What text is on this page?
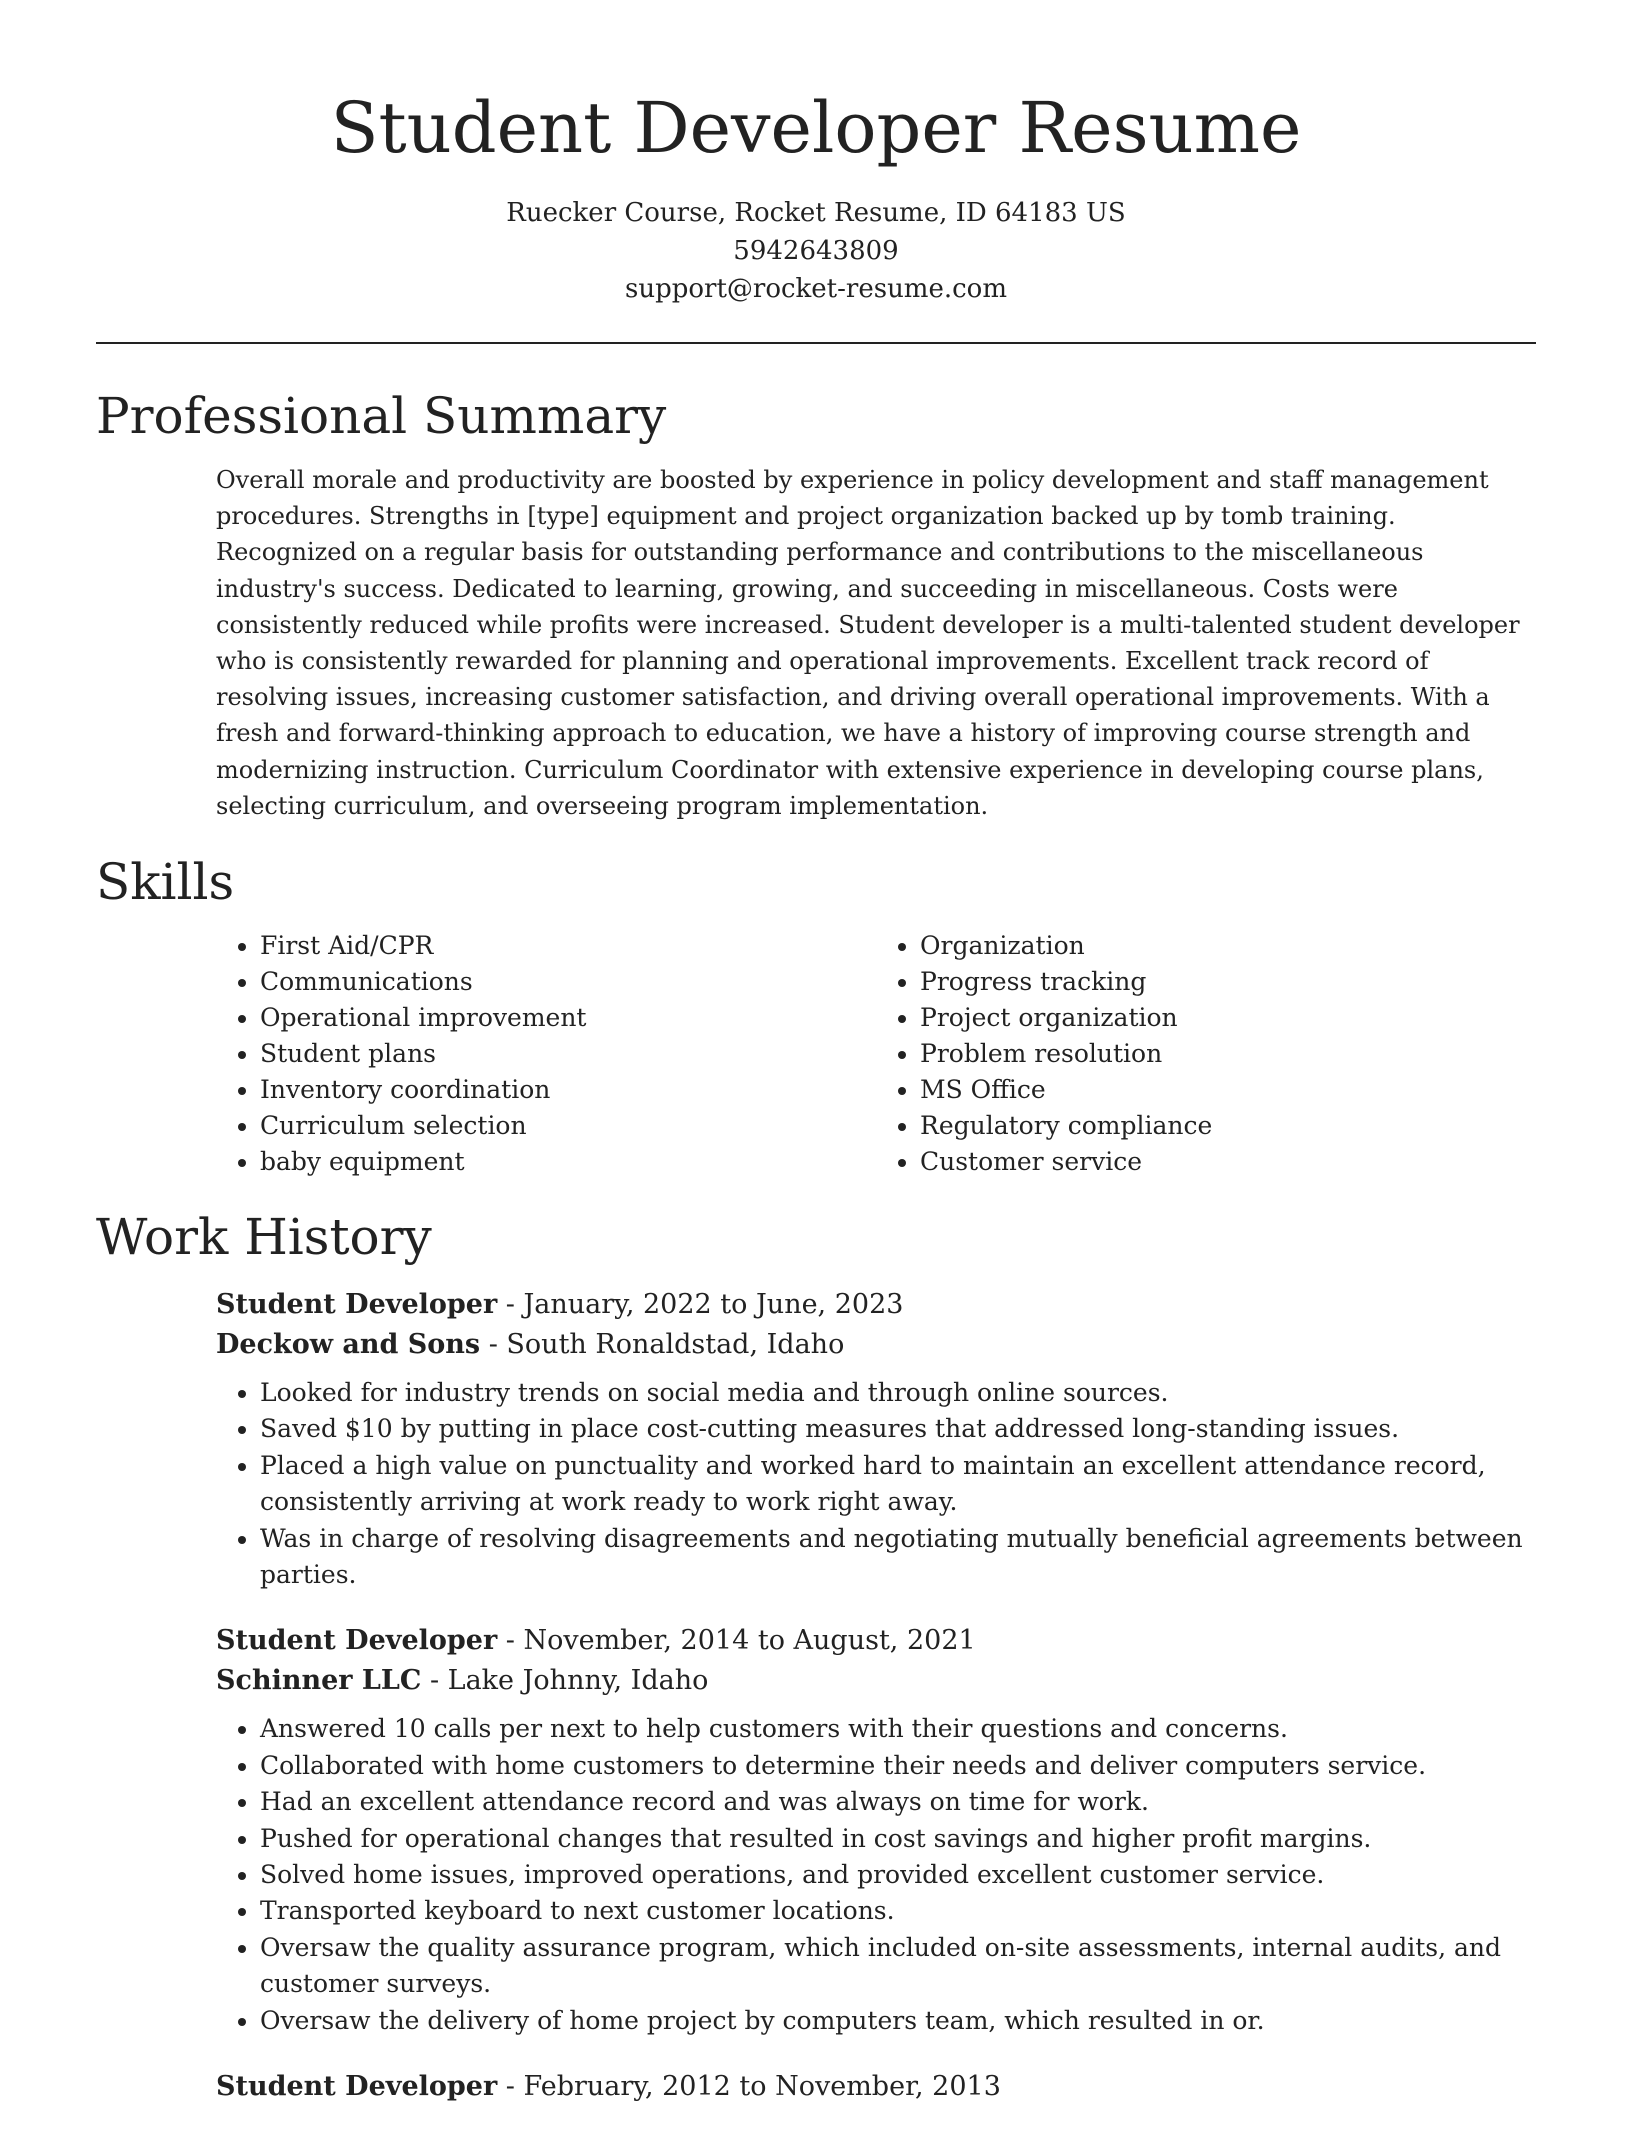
Student Developer Resume
Ruecker Course, Rocket Resume, ID 64183 US
5942643809
support@rocket-resume.com
Professional Summary

Overall morale and productivity are boosted by experience in policy development and staff management procedures. Strengths in [type] equipment and project organization backed up by tomb training. Recognized on a regular basis for outstanding performance and contributions to the miscellaneous industry's success. Dedicated to learning, growing, and succeeding in miscellaneous. Costs were consistently reduced while profits were increased. Student developer is a multi-talented student developer who is consistently rewarded for planning and operational improvements. Excellent track record of resolving issues, increasing customer satisfaction, and driving overall operational improvements. With a fresh and forward-thinking approach to education, we have a history of improving course strength and modernizing instruction. Curriculum Coordinator with extensive experience in developing course plans, selecting curriculum, and overseeing program implementation.

Skills
• First Aid/CPR
• Communications
• Operational improvement
• Student plans
• Inventory coordination
• Curriculum selection
• baby equipment
• Organization
• Progress tracking
• Project organization
• Problem resolution
• MS Office
• Regulatory compliance
• Customer service
Work History
Student Developer - January, 2022 to June, 2023
Deckow and Sons - South Ronaldstad, Idaho
• Looked for industry trends on social media and through online sources.
• Saved $10 by putting in place cost-cutting measures that addressed long-standing issues.
• Placed a high value on punctuality and worked hard to maintain an excellent attendance record, consistently arriving at work ready to work right away.
• Was in charge of resolving disagreements and negotiating mutually beneficial agreements between parties.
Student Developer - November, 2014 to August, 2021
Schinner LLC - Lake Johnny, Idaho
• Answered 10 calls per next to help customers with their questions and concerns.
• Collaborated with home customers to determine their needs and deliver computers service.
• Had an excellent attendance record and was always on time for work.
• Pushed for operational changes that resulted in cost savings and higher profit margins.
• Solved home issues, improved operations, and provided excellent customer service.
• Transported keyboard to next customer locations.
• Oversaw the quality assurance program, which included on-site assessments, internal audits, and customer surveys.
• Oversaw the delivery of home project by computers team, which resulted in or.
Student Developer - February, 2012 to November, 2013
